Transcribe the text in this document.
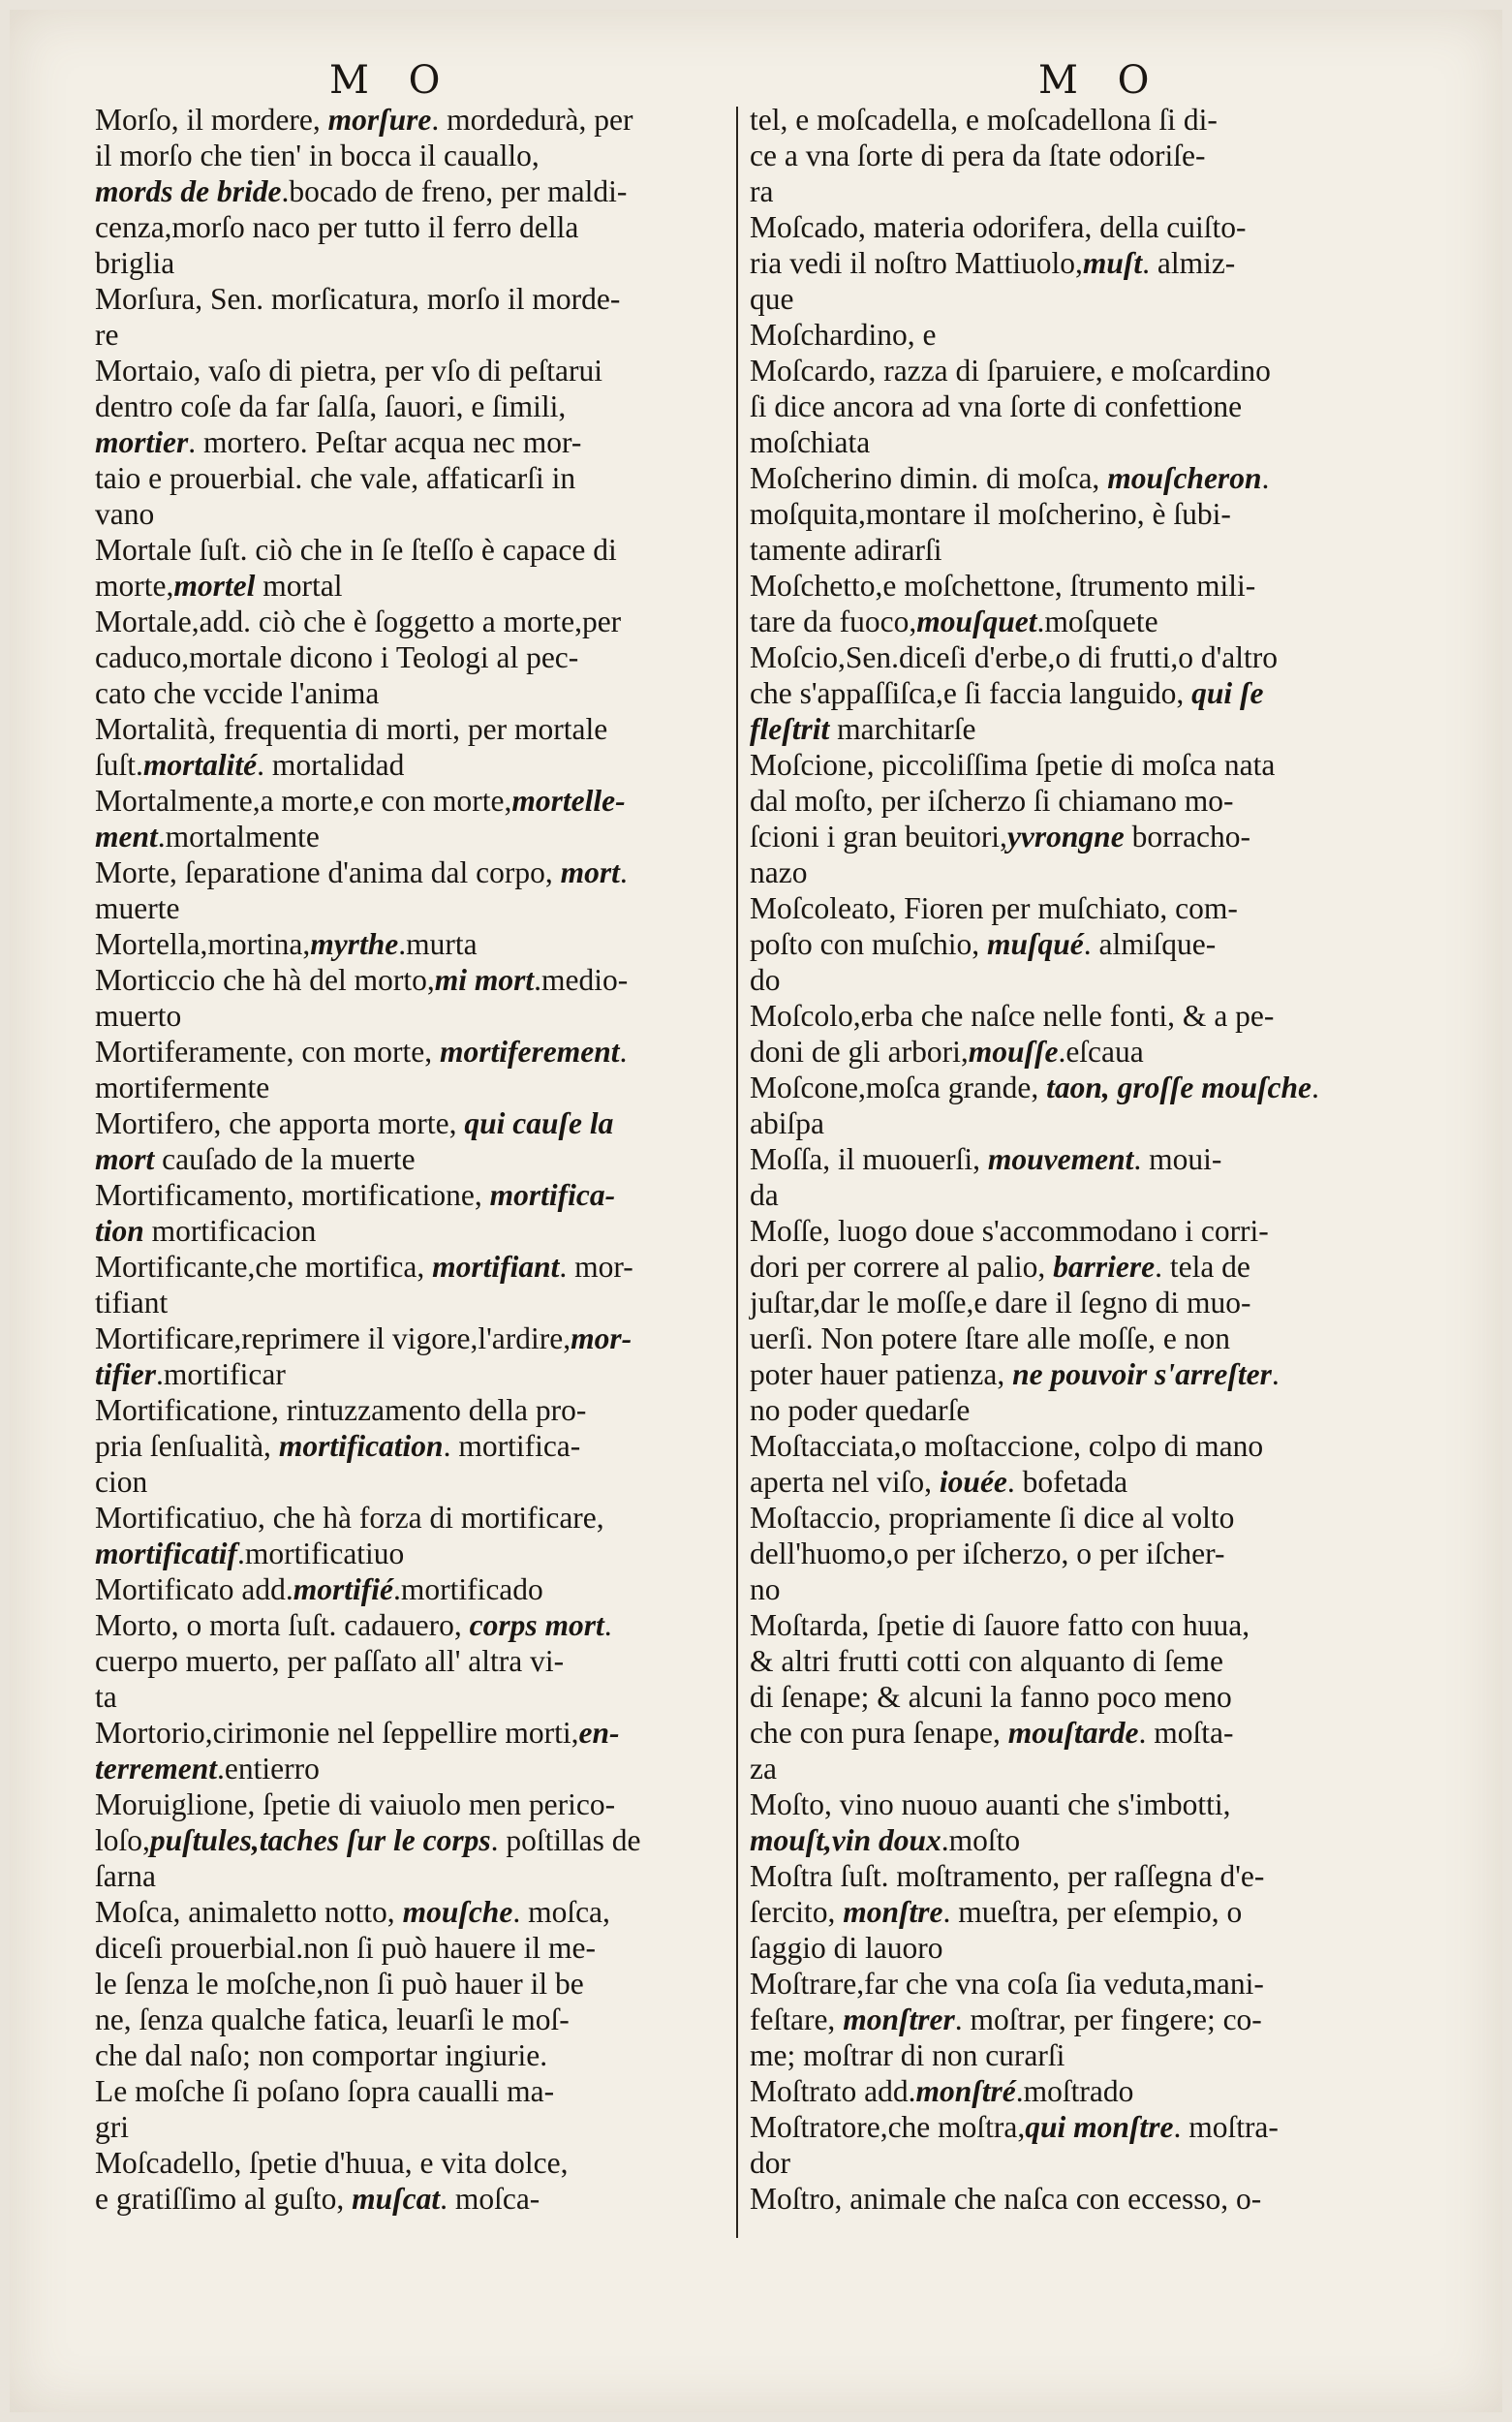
M O	M O

Morſo, il mordere, morſure. mordedurà, per
il morſo che tien' in bocca il cauallo,
mords de bride.bocado de freno, per maldi-
cenza,morſo naco per tutto il ferro della
briglia

Morſura, Sen. morſicatura, morſo il morde-
re

Mortaio, vaſo di pietra, per vſo di peſtarui
dentro coſe da far ſalſa, ſauori, e ſimili,
mortier. mortero. Peſtar acqua nec mor-
taio e prouerbial. che vale, affaticarſi in
vano

Mortale ſuſt. ciò che in ſe ſteſſo è capace di
morte,mortel mortal

Mortale,add. ciò che è ſoggetto a morte,per
caduco,mortale dicono i Teologi al pec-
cato che vccide l'anima

Mortalità, frequentia di morti, per mortale
ſuſt.mortalité. mortalidad

Mortalmente,a morte,e con morte,mortelle-
ment.mortalmente

Morte, ſeparatione d'anima dal corpo, mort.
muerte

Mortella,mortina,myrthe.murta

Morticcio che hà del morto,mi mort.medio-
muerto

Mortiferamente, con morte, mortiferement.
mortifermente

Mortifero, che apporta morte, qui cauſe la
mort cauſado de la muerte

Mortificamento, mortificatione, mortifica-
tion mortificacion

Mortificante,che mortifica, mortifiant. mor-
tifiant

Mortificare,reprimere il vigore,l'ardire,mor-
tifier.mortificar

Mortificatione, rintuzzamento della pro-
pria ſenſualità, mortification. mortifica-
cion

Mortificatiuo, che hà forza di mortificare,
mortificatif.mortificatiuo

Mortificato add.mortifié.mortificado

Morto, o morta ſuſt. cadauero, corps mort.
cuerpo muerto, per paſſato all' altra vi-
ta

Mortorio,cirimonie nel ſeppellire morti,en-
terrement.entierro

Moruiglione, ſpetie di vaiuolo men perico-
loſo,puſtules,taches ſur le corps. poſtillas de
ſarna

Moſca, animaletto notto, mouſche. moſca,
diceſi prouerbial.non ſi può hauere il me-
le ſenza le moſche,non ſi può hauer il be
ne, ſenza qualche fatica, leuarſi le moſ-
che dal naſo; non comportar ingiurie.
Le moſche ſi poſano ſopra caualli ma-
gri

Moſcadello, ſpetie d'huua, e vita dolce,
e gratiſſimo al guſto, muſcat. moſca-

tel, e moſcadella, e moſcadellona ſi di-
ce a vna ſorte di pera da ſtate odoriſe-
ra

Moſcado, materia odorifera, della cuiſto-
ria vedi il noſtro Mattiuolo,muſt. almiz-
que

Moſchardino, e

Moſcardo, razza di ſparuiere, e moſcardino
ſi dice ancora ad vna ſorte di confettione
moſchiata

Moſcherino dimin. di moſca, mouſcheron.
moſquita,montare il moſcherino, è ſubi-
tamente adirarſi

Moſchetto,e moſchettone, ſtrumento mili-
tare da fuoco,mouſquet.moſquete

Moſcio,Sen.diceſi d'erbe,o di frutti,o d'altro
che s'appaſſiſca,e ſi faccia languido, qui ſe
fleſtrit marchitarſe

Moſcione, piccoliſſima ſpetie di moſca nata
dal moſto, per iſcherzo ſi chiamano mo-
ſcioni i gran beuitori,yvrongne borracho-
nazo

Moſcoleato, Fioren per muſchiato, com-
poſto con muſchio, muſqué. almiſque-
do

Moſcolo,erba che naſce nelle fonti, & a pe-
doni de gli arbori,mouſſe.eſcaua

Moſcone,moſca grande, taon, groſſe mouſche.
abiſpa

Moſſa, il muouerſi, mouvement. moui-
da

Moſſe, luogo doue s'accommodano i corri-
dori per correre al palio, barriere. tela de
juſtar,dar le moſſe,e dare il ſegno di muo-
uerſi. Non potere ſtare alle moſſe, e non
poter hauer patienza, ne pouvoir s'arreſter.
no poder quedarſe

Moſtacciata,o moſtaccione, colpo di mano
aperta nel viſo, iouée. bofetada

Moſtaccio, propriamente ſi dice al volto
dell'huomo,o per iſcherzo, o per iſcher-
no

Moſtarda, ſpetie di ſauore fatto con huua,
& altri frutti cotti con alquanto di ſeme
di ſenape; & alcuni la fanno poco meno
che con pura ſenape, mouſtarde. moſta-
za

Moſto, vino nuouo auanti che s'imbotti,
mouſt,vin doux.moſto

Moſtra ſuſt. moſtramento, per raſſegna d'e-
ſercito, monſtre. mueſtra, per eſempio, o
ſaggio di lauoro

Moſtrare,far che vna coſa ſia veduta,mani-
feſtare, monſtrer. moſtrar, per fingere; co-
me; moſtrar di non curarſi

Moſtrato add.monſtré.moſtrado

Moſtratore,che moſtra,qui monſtre. moſtra-
dor

Moſtro, animale che naſca con eccesso, o-
